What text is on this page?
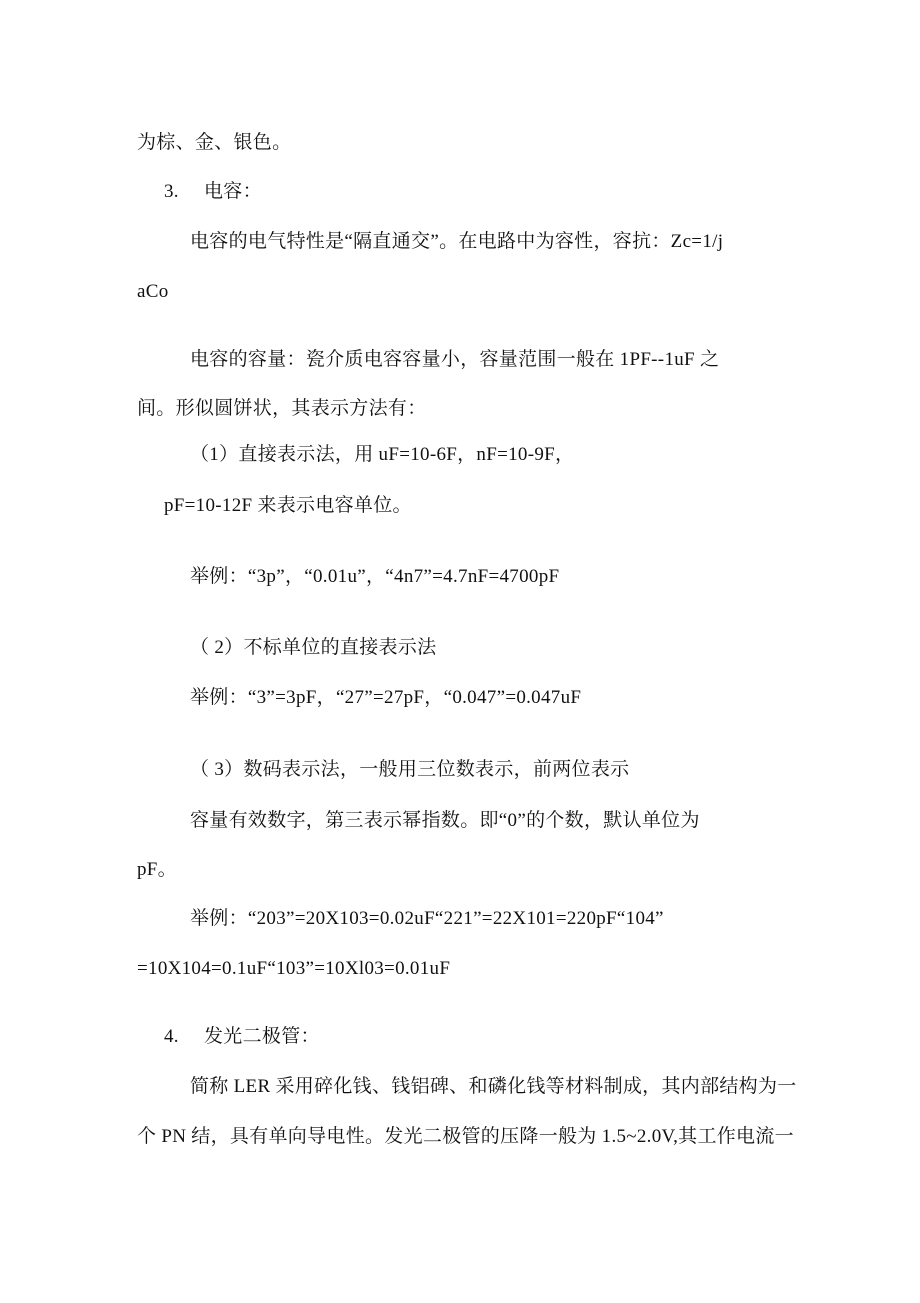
为棕、金、银色。
3. 电容：
电容的电气特性是“隔直通交”。在电路中为容性，容抗：Zc=1/j
aCo
电容的容量：瓷介质电容容量小，容量范围一般在 1PF--1uF 之
间。形似圆饼状，其表示方法有：
（1）直接表示法，用 uF=10-6F，nF=10-9F，
pF=10-12F 来表示电容单位。
举例：“3p”，“0.01u”，“4n7”=4.7nF=4700pF
（ 2）不标单位的直接表示法
举例：“3”=3pF，“27”=27pF，“0.047”=0.047uF
（ 3）数码表示法，一般用三位数表示，前两位表示
容量有效数字，第三表示幂指数。即“0”的个数，默认单位为
pF。
举例：“203”=20X103=0.02uF“221”=22X101=220pF“104”
=10X104=0.1uF“103”=10Xl03=0.01uF
4. 发光二极管：
简称 LER 采用碎化钱、钱铝碑、和磷化钱等材料制成，其内部结构为一
个 PN 结，具有单向导电性。发光二极管的压降一般为 1.5~2.0V,其工作电流一
